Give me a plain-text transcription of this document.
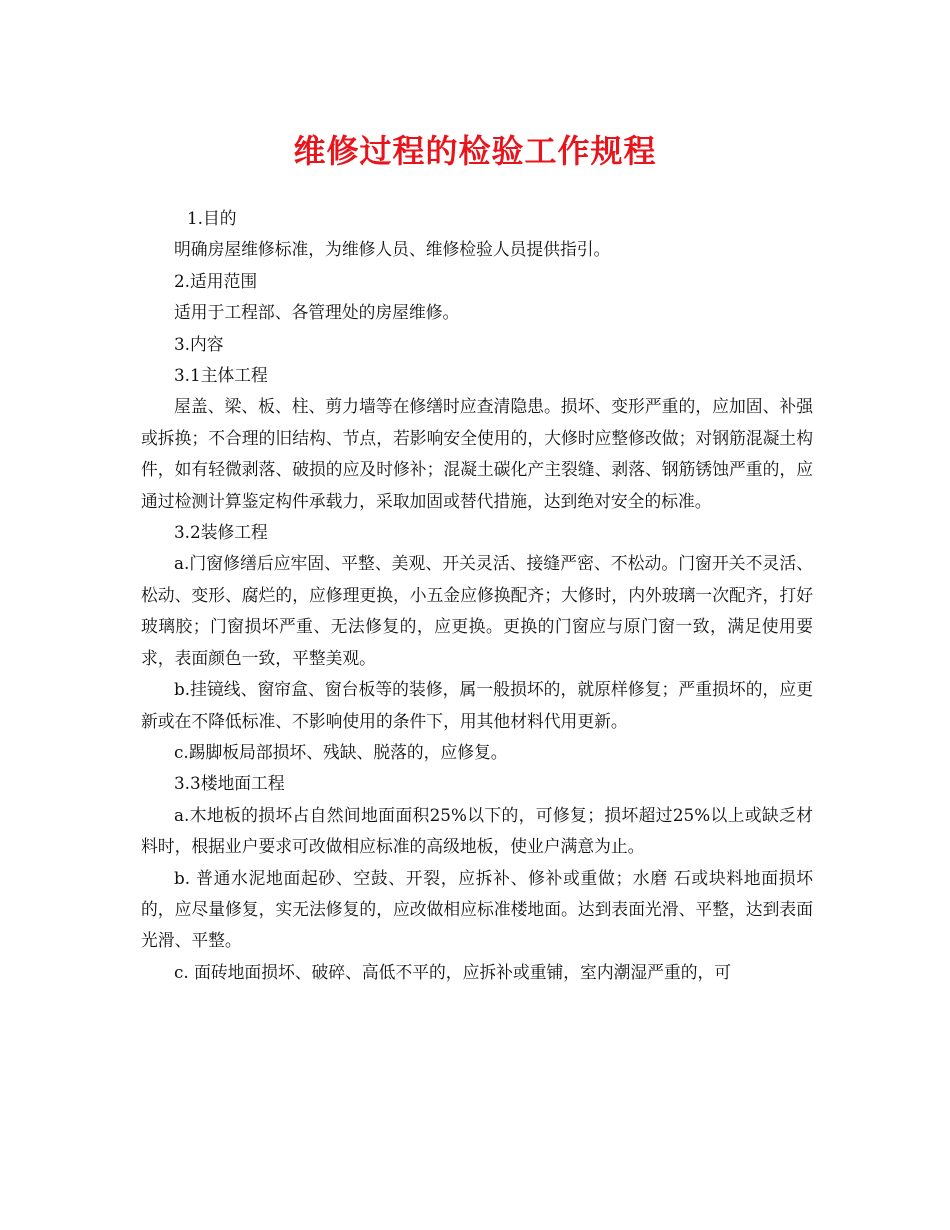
维修过程的检验工作规程

1.目的

明确房屋维修标准，为维修人员、维修检验人员提供指引。

2.适用范围

适用于工程部、各管理处的房屋维修。

3.内容

3.1主体工程

屋盖、梁、板、柱、剪力墙等在修缮时应查清隐患。损坏、变形严重的，应加固、补强或拆换；不合理的旧结构、节点，若影响安全使用的，大修时应整修改做；对钢筋混凝土构件，如有轻微剥落、破损的应及时修补；混凝土碳化产主裂缝、剥落、钢筋锈蚀严重的，应通过检测计算鉴定构件承载力，采取加固或替代措施，达到绝对安全的标准。

3.2装修工程

a.门窗修缮后应牢固、平整、美观、开关灵活、接缝严密、不松动。门窗开关不灵活、松动、变形、腐烂的，应修理更换，小五金应修换配齐；大修时，内外玻璃一次配齐，打好玻璃胶；门窗损坏严重、无法修复的，应更换。更换的门窗应与原门窗一致，满足使用要求，表面颜色一致，平整美观。

b.挂镜线、窗帘盒、窗台板等的装修，属一般损坏的，就原样修复；严重损坏的，应更新或在不降低标准、不影响使用的条件下，用其他材料代用更新。

c.踢脚板局部损坏、残缺、脱落的，应修复。

3.3楼地面工程

a.木地板的损坏占自然间地面面积25%以下的，可修复；损坏超过25%以上或缺乏材料时，根据业户要求可改做相应标准的高级地板，使业户满意为止。

b. 普通水泥地面起砂、空鼓、开裂，应拆补、修补或重做；水磨 石或块料地面损坏的，应尽量修复，实无法修复的，应改做相应标准楼地面。达到表面光滑、平整，达到表面光滑、平整。

c. 面砖地面损坏、破碎、高低不平的，应拆补或重铺，室内潮湿严重的，可
